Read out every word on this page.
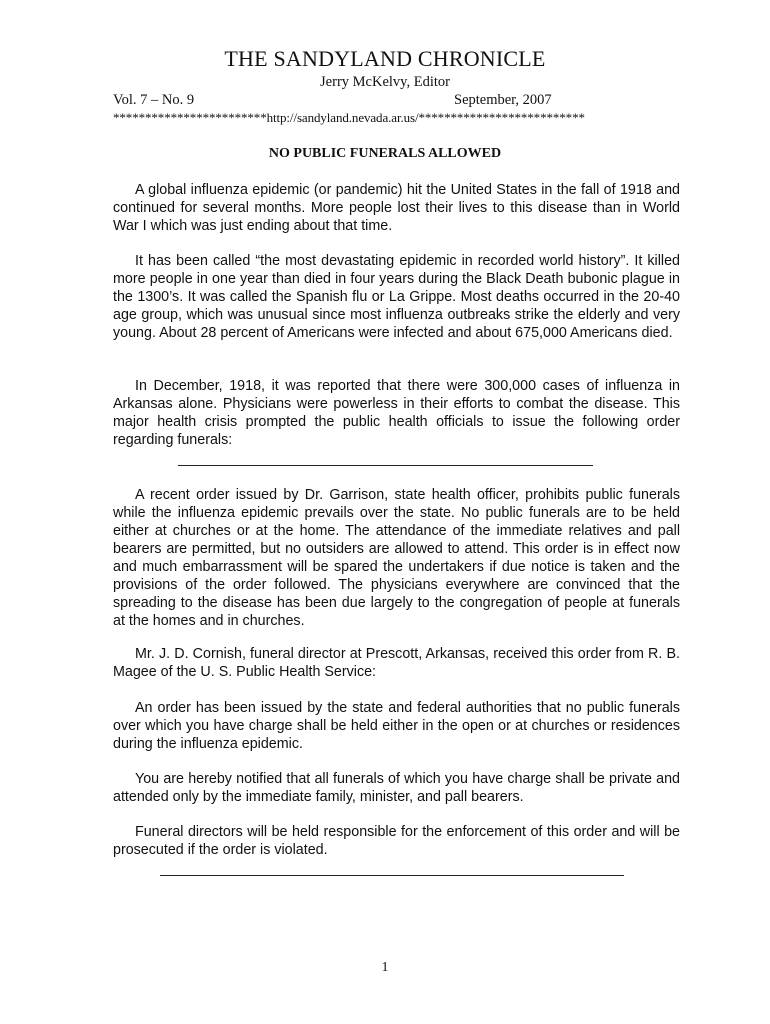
THE SANDYLAND CHRONICLE
Jerry McKelvy, Editor
Vol. 7 – No. 9	September, 2007
************************http://sandyland.nevada.ar.us/**************************
NO PUBLIC FUNERALS ALLOWED

A global influenza epidemic (or pandemic) hit the United States in the fall of 1918 and continued for several months. More people lost their lives to this disease than in World War I which was just ending about that time.

It has been called “the most devastating epidemic in recorded world history”. It killed more people in one year than died in four years during the Black Death bubonic plague in the 1300’s. It was called the Spanish flu or La Grippe. Most deaths occurred in the 20-40 age group, which was unusual since most influenza outbreaks strike the elderly and very young. About 28 percent of Americans were infected and about 675,000 Americans died.

In December, 1918, it was reported that there were 300,000 cases of influenza in Arkansas alone. Physicians were powerless in their efforts to combat the disease. This major health crisis prompted the public health officials to issue the following order regarding funerals:

A recent order issued by Dr. Garrison, state health officer, prohibits public funerals while the influenza epidemic prevails over the state. No public funerals are to be held either at churches or at the home. The attendance of the immediate relatives and pall bearers are permitted, but no outsiders are allowed to attend. This order is in effect now and much embarrassment will be spared the undertakers if due notice is taken and the provisions of the order followed. The physicians everywhere are convinced that the spreading to the disease has been due largely to the congregation of people at funerals at the homes and in churches.

Mr. J. D. Cornish, funeral director at Prescott, Arkansas, received this order from R. B. Magee of the U. S. Public Health Service:

An order has been issued by the state and federal authorities that no public funerals over which you have charge shall be held either in the open or at churches or residences during the influenza epidemic.

You are hereby notified that all funerals of which you have charge shall be private and attended only by the immediate family, minister, and pall bearers.

Funeral directors will be held responsible for the enforcement of this order and will be prosecuted if the order is violated.

1
